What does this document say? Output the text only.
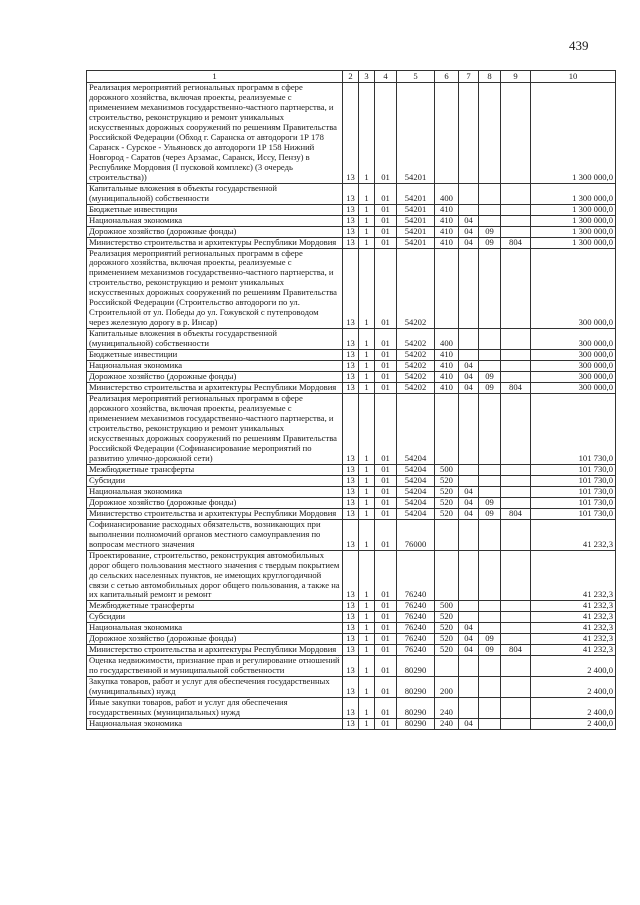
439
1	2	3	4	5	6	7	8	9	10
Реализация мероприятий региональных программ в сфере дорожного хозяйства, включая проекты, реализуемые с применением механизмов государственно-частного партнерства, и строительство, реконструкцию и ремонт уникальных искусственных дорожных сооружений по решениям Правительства Российской Федерации (Обход г. Саранска от автодороги 1Р 178 Саранск - Сурское - Ульяновск до автодороги 1Р 158 Нижний Новгород - Саратов (через Арзамас, Саранск, Иссу, Пензу) в Республике Мордовия (I пусковой комплекс) (3 очередь строительства))	13	1	01	54201					1 300 000,0
Капитальные вложения в объекты государственной (муниципальной) собственности	13	1	01	54201	400				1 300 000,0
Бюджетные инвестиции	13	1	01	54201	410				1 300 000,0
Национальная экономика	13	1	01	54201	410	04			1 300 000,0
Дорожное хозяйство (дорожные фонды)	13	1	01	54201	410	04	09		1 300 000,0
Министерство строительства и архитектуры Республики Мордовия	13	1	01	54201	410	04	09	804	1 300 000,0
Реализация мероприятий региональных программ в сфере дорожного хозяйства, включая проекты, реализуемые с применением механизмов государственно-частного партнерства, и строительство, реконструкцию и ремонт уникальных искусственных дорожных сооружений по решениям Правительства Российской Федерации (Строительство автодороги по ул. Строительной от ул. Победы до ул. Гожувской с путепроводом через железную дорогу в р. Инсар)	13	1	01	54202					300 000,0
Капитальные вложения в объекты государственной (муниципальной) собственности	13	1	01	54202	400				300 000,0
Бюджетные инвестиции	13	1	01	54202	410				300 000,0
Национальная экономика	13	1	01	54202	410	04			300 000,0
Дорожное хозяйство (дорожные фонды)	13	1	01	54202	410	04	09		300 000,0
Министерство строительства и архитектуры Республики Мордовия	13	1	01	54202	410	04	09	804	300 000,0
Реализация мероприятий региональных программ в сфере дорожного хозяйства, включая проекты, реализуемые с применением механизмов государственно-частного партнерства, и строительство, реконструкцию и ремонт уникальных искусственных дорожных сооружений по решениям Правительства Российской Федерации (Софинансирование мероприятий по развитию улично-дорожной сети)	13	1	01	54204					101 730,0
Межбюджетные трансферты	13	1	01	54204	500				101 730,0
Субсидии	13	1	01	54204	520				101 730,0
Национальная экономика	13	1	01	54204	520	04			101 730,0
Дорожное хозяйство (дорожные фонды)	13	1	01	54204	520	04	09		101 730,0
Министерство строительства и архитектуры Республики Мордовия	13	1	01	54204	520	04	09	804	101 730,0
Софинансирование расходных обязательств, возникающих при выполнении полномочий органов местного самоуправления по вопросам местного значения	13	1	01	76000					41 232,3
Проектирование, строительство, реконструкция автомобильных дорог общего пользования местного значения с твердым покрытием до сельских населенных пунктов, не имеющих круглогодичной связи с сетью автомобильных дорог общего пользования, а также на их капитальный ремонт и ремонт	13	1	01	76240					41 232,3
Межбюджетные трансферты	13	1	01	76240	500				41 232,3
Субсидии	13	1	01	76240	520				41 232,3
Национальная экономика	13	1	01	76240	520	04			41 232,3
Дорожное хозяйство (дорожные фонды)	13	1	01	76240	520	04	09		41 232,3
Министерство строительства и архитектуры Республики Мордовия	13	1	01	76240	520	04	09	804	41 232,3
Оценка недвижимости, признание прав и регулирование отношений по государственной и муниципальной собственности	13	1	01	80290					2 400,0
Закупка товаров, работ и услуг для обеспечения государственных (муниципальных) нужд	13	1	01	80290	200				2 400,0
Иные закупки товаров, работ и услуг для обеспечения государственных (муниципальных) нужд	13	1	01	80290	240				2 400,0
Национальная экономика	13	1	01	80290	240	04			2 400,0
